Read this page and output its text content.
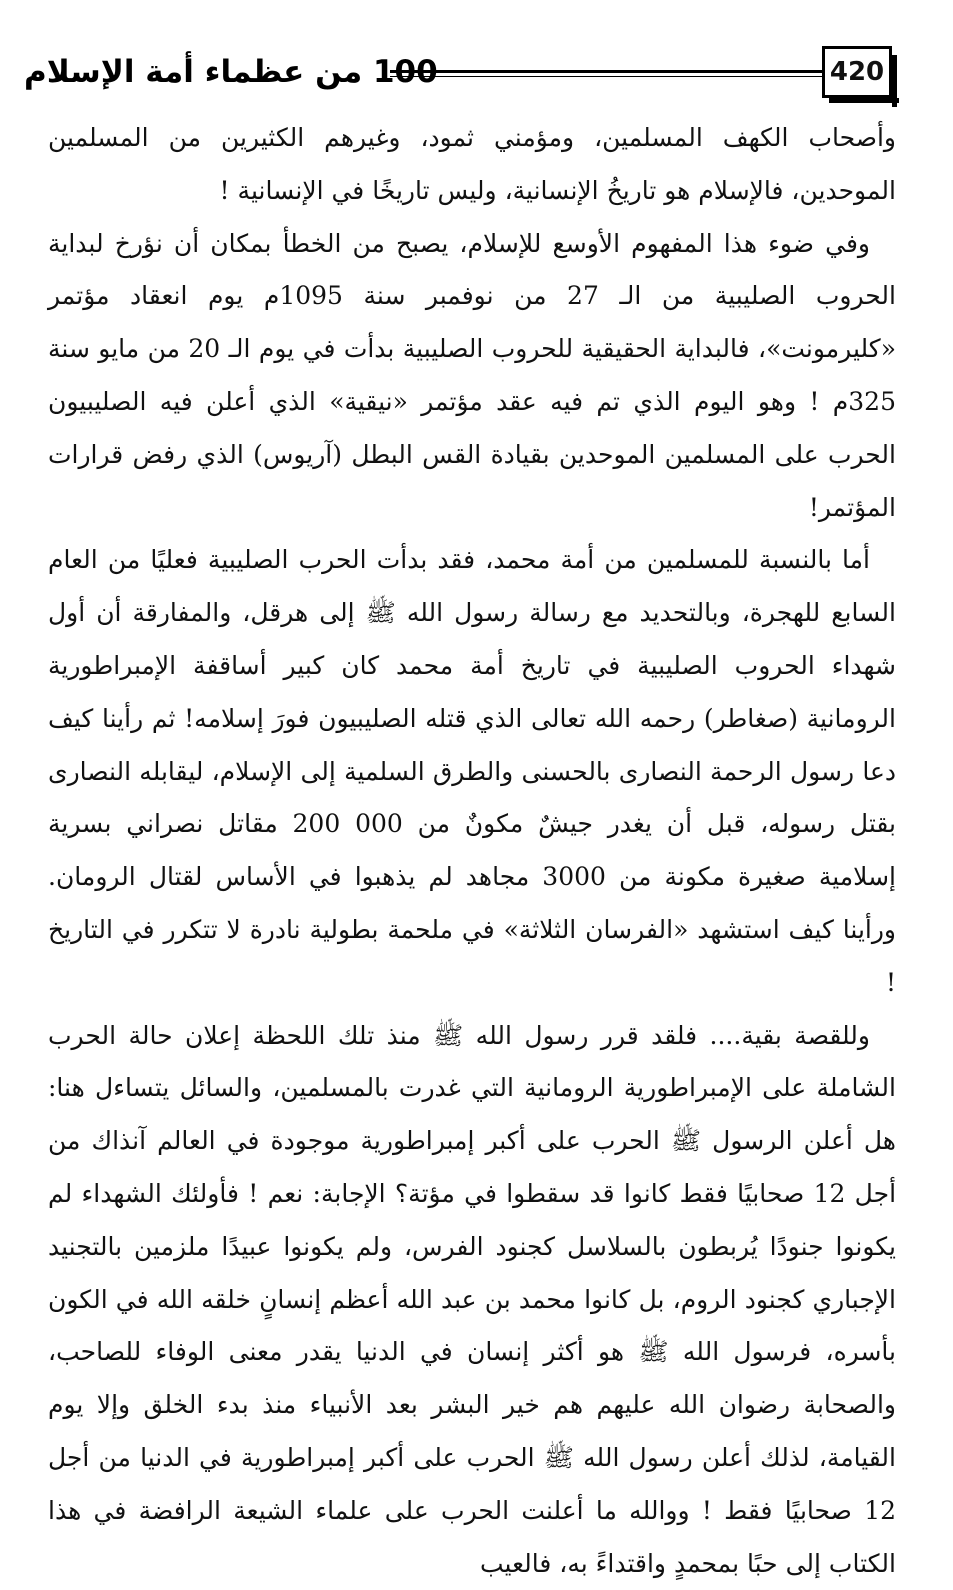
100 من عظماء أمة الإسلام	420

وأصحاب الكهف المسلمين، ومؤمني ثمود، وغيرهم الكثيرين من المسلمين الموحدين، فالإسلام هو تاريخُ الإنسانية، وليس تاريخًا في الإنسانية !

وفي ضوء هذا المفهوم الأوسع للإسلام، يصبح من الخطأ بمكان أن نؤرخ لبداية الحروب الصليبية من الـ 27 من نوفمبر سنة 1095م يوم انعقاد مؤتمر «كليرمونت»، فالبداية الحقيقية للحروب الصليبية بدأت في يوم الـ 20 من مايو سنة 325م ! وهو اليوم الذي تم فيه عقد مؤتمر «نيقية» الذي أعلن فيه الصليبيون الحرب على المسلمين الموحدين بقيادة القس البطل (آريوس) الذي رفض قرارات المؤتمر!

أما بالنسبة للمسلمين من أمة محمد، فقد بدأت الحرب الصليبية فعليًا من العام السابع للهجرة، وبالتحديد مع رسالة رسول الله ﷺ إلى هرقل، والمفارقة أن أول شهداء الحروب الصليبية في تاريخ أمة محمد كان كبير أساقفة الإمبراطورية الرومانية (صغاطر) رحمه الله تعالى الذي قتله الصليبيون فورَ إسلامه! ثم رأينا كيف دعا رسول الرحمة النصارى بالحسنى والطرق السلمية إلى الإسلام، ليقابله النصارى بقتل رسوله، قبل أن يغدر جيشٌ مكونٌ من 000 200 مقاتل نصراني بسرية إسلامية صغيرة مكونة من 3000 مجاهد لم يذهبوا في الأساس لقتال الرومان. ورأينا كيف استشهد «الفرسان الثلاثة» في ملحمة بطولية نادرة لا تتكرر في التاريخ !

وللقصة بقية.... فلقد قرر رسول الله ﷺ منذ تلك اللحظة إعلان حالة الحرب الشاملة على الإمبراطورية الرومانية التي غدرت بالمسلمين، والسائل يتساءل هنا: هل أعلن الرسول ﷺ الحرب على أكبر إمبراطورية موجودة في العالم آنذاك من أجل 12 صحابيًا فقط كانوا قد سقطوا في مؤتة؟ الإجابة: نعم ! فأولئك الشهداء لم يكونوا جنودًا يُربطون بالسلاسل كجنود الفرس، ولم يكونوا عبيدًا ملزمين بالتجنيد الإجباري كجنود الروم، بل كانوا محمد بن عبد الله أعظم إنسانٍ خلقه الله في الكون بأسره، فرسول الله ﷺ هو أكثر إنسان في الدنيا يقدر معنى الوفاء للصاحب، والصحابة رضوان الله عليهم هم خير البشر بعد الأنبياء منذ بدء الخلق وإلا يوم القيامة، لذلك أعلن رسول الله ﷺ الحرب على أكبر إمبراطورية في الدنيا من أجل 12 صحابيًا فقط ! ووالله ما أعلنت الحرب على علماء الشيعة الرافضة في هذا الكتاب إلى حبًا بمحمدٍ واقتداءً به، فالعيب
